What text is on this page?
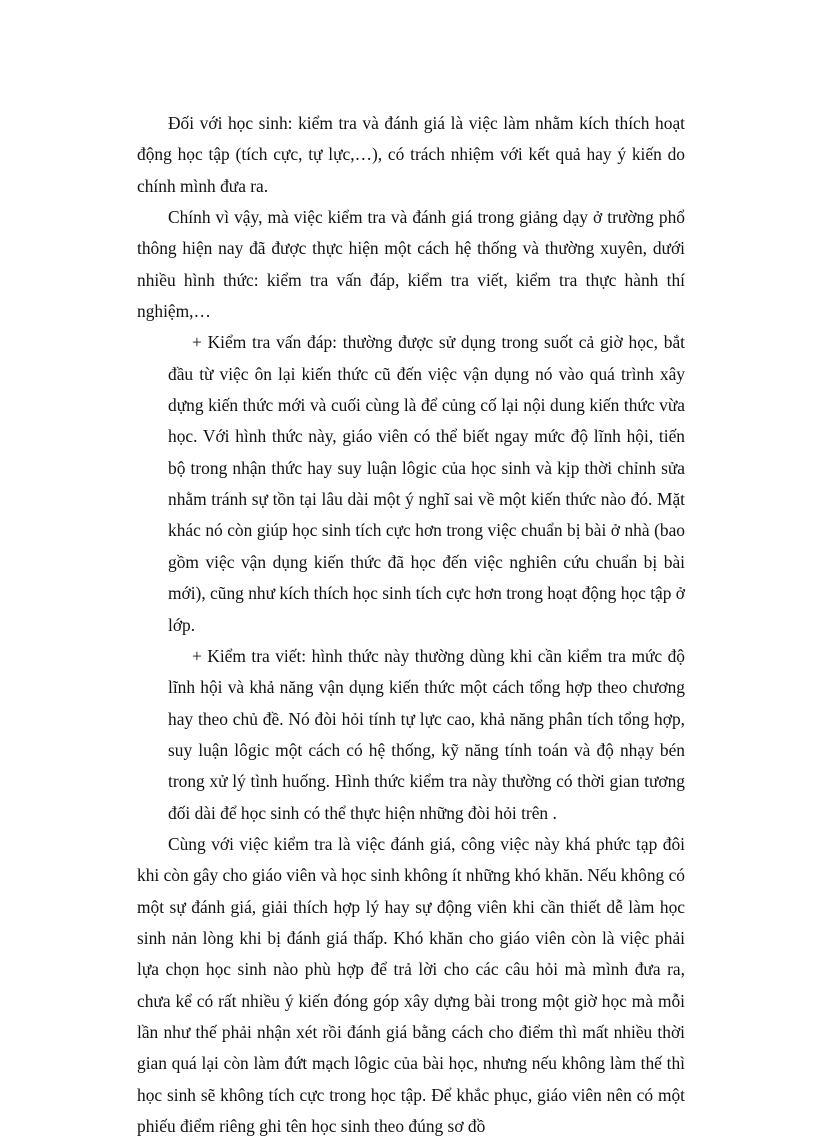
Đối với học sinh: kiểm tra và đánh giá là việc làm nhằm kích thích hoạt động học tập (tích cực, tự lực,…), có trách nhiệm với kết quả hay ý kiến do chính mình đưa ra.

Chính vì vậy, mà việc kiểm tra và đánh giá trong giảng dạy ở trường phổ thông hiện nay đã được thực hiện một cách hệ thống và thường xuyên, dưới nhiều hình thức: kiểm tra vấn đáp, kiểm tra viết, kiểm tra thực hành thí nghiệm,…

+ Kiểm tra vấn đáp: thường được sử dụng trong suốt cả giờ học, bắt đầu từ việc ôn lại kiến thức cũ đến việc vận dụng nó vào quá trình xây dựng kiến thức mới và cuối cùng là để củng cố lại nội dung kiến thức vừa học. Với hình thức này, giáo viên có thể biết ngay mức độ lĩnh hội, tiến bộ trong nhận thức hay suy luận lôgic của học sinh và kịp thời chỉnh sửa nhằm tránh sự tồn tại lâu dài một ý nghĩ sai về một kiến thức nào đó. Mặt khác nó còn giúp học sinh tích cực hơn trong việc chuẩn bị bài ở nhà (bao gồm việc vận dụng kiến thức đã học đến việc nghiên cứu chuẩn bị bài mới), cũng như kích thích học sinh tích cực hơn trong hoạt động học tập ở lớp.

+ Kiểm tra viết: hình thức này thường dùng khi cần kiểm tra mức độ lĩnh hội và khả năng vận dụng kiến thức một cách tổng hợp theo chương hay theo chủ đề. Nó đòi hỏi tính tự lực cao, khả năng phân tích tổng hợp, suy luận lôgic một cách có hệ thống, kỹ năng tính toán và độ nhạy bén trong xử lý tình huống. Hình thức kiểm tra này thường có thời gian tương đối dài để học sinh có thể thực hiện những đòi hỏi trên .

Cùng với việc kiểm tra là việc đánh giá, công việc này khá phức tạp đôi khi còn gây cho giáo viên và học sinh không ít những khó khăn. Nếu không có một sự đánh giá, giải thích hợp lý hay sự động viên khi cần thiết dễ làm học sinh nản lòng khi bị đánh giá thấp. Khó khăn cho giáo viên còn là việc phải lựa chọn học sinh nào phù hợp để trả lời cho các câu hỏi mà mình đưa ra, chưa kể có rất nhiều ý kiến đóng góp xây dựng bài trong một giờ học mà mỗi lần như thế phải nhận xét rồi đánh giá bằng cách cho điểm thì mất nhiều thời gian quá lại còn làm đứt mạch lôgic của bài học, nhưng nếu không làm thế thì học sinh sẽ không tích cực trong học tập. Để khắc phục, giáo viên nên có một phiếu điểm riêng ghi tên học sinh theo đúng sơ đồ
